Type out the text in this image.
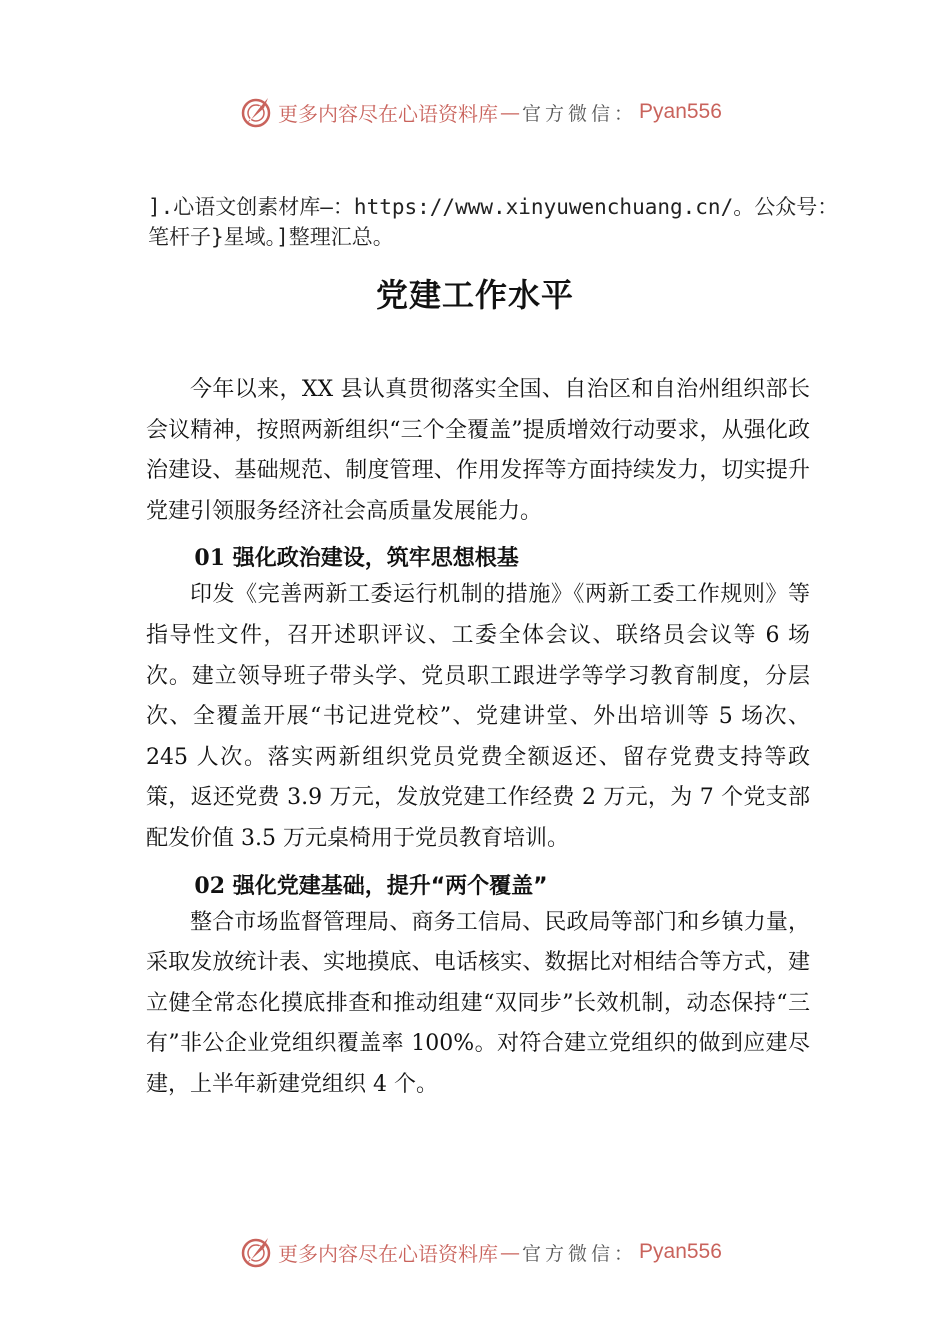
更多内容尽在心语资料库 — 官方微信： Pyan556
].心语文创素材库—：https://www.xinyuwenchuang.cn/。公众号：笔杆子}星域。]整理汇总。
党建工作水平

今年以来，XX 县认真贯彻落实全国、自治区和自治州组织部长会议精神，按照两新组织“三个全覆盖”提质增效行动要求，从强化政治建设、基础规范、制度管理、作用发挥等方面持续发力，切实提升党建引领服务经济社会高质量发展能力。

01 强化政治建设，筑牢思想根基

印发《完善两新工委运行机制的措施》《两新工委工作规则》等指导性文件，召开述职评议、工委全体会议、联络员会议等 6 场次。建立领导班子带头学、党员职工跟进学等学习教育制度，分层次、全覆盖开展“书记进党校”、党建讲堂、外出培训等 5 场次、245 人次。落实两新组织党员党费全额返还、留存党费支持等政策，返还党费 3.9 万元，发放党建工作经费 2 万元，为 7 个党支部配发价值 3.5 万元桌椅用于党员教育培训。

02 强化党建基础，提升“两个覆盖”

整合市场监督管理局、商务工信局、民政局等部门和乡镇力量，采取发放统计表、实地摸底、电话核实、数据比对相结合等方式，建立健全常态化摸底排查和推动组建“双同步”长效机制，动态保持“三有”非公企业党组织覆盖率 100%。对符合建立党组织的做到应建尽建，上半年新建党组织 4 个。

更多内容尽在心语资料库 — 官方微信： Pyan556
